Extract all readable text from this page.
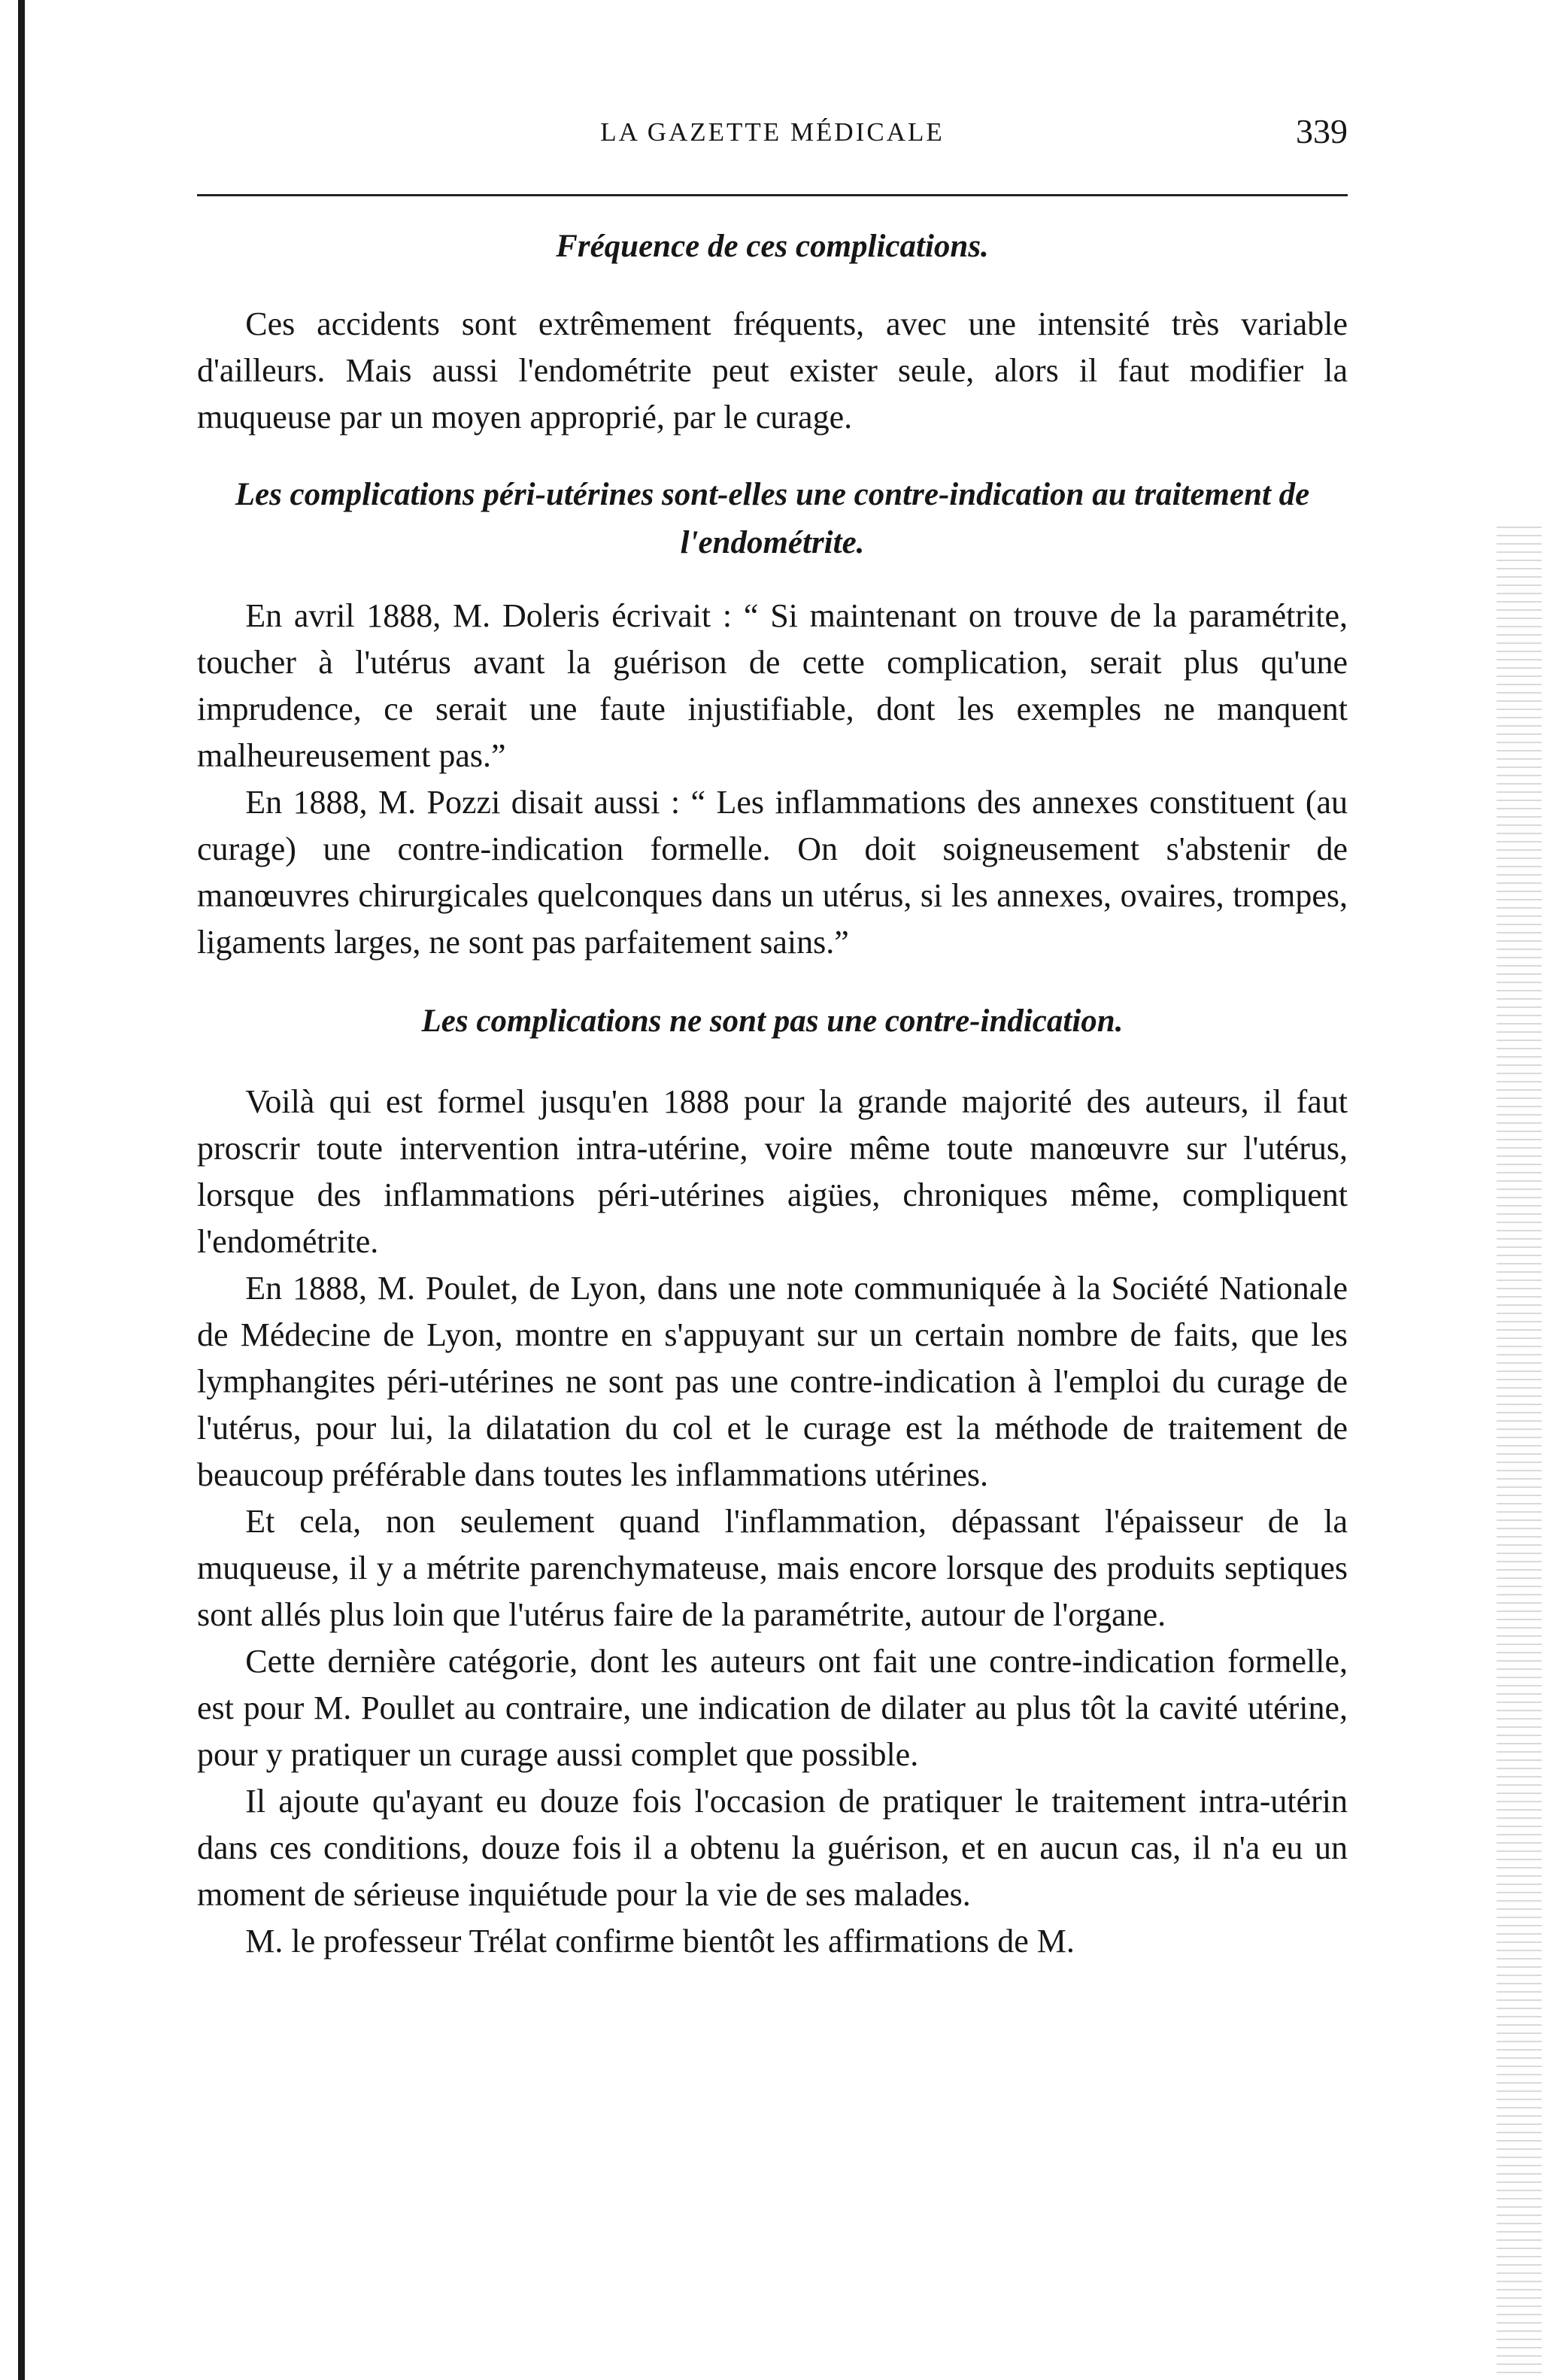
LA GAZETTE MÉDICALE	339
Fréquence de ces complications.

Ces accidents sont extrêmement fréquents, avec une intensité très variable d'ailleurs. Mais aussi l'endométrite peut exister seule, alors il faut modifier la muqueuse par un moyen approprié, par le curage.

Les complications péri-utérines sont-elles une contre-indication au traitement de l'endométrite.

En avril 1888, M. Doleris écrivait : “ Si maintenant on trouve de la paramétrite, toucher à l'utérus avant la guérison de cette complication, serait plus qu'une imprudence, ce serait une faute injustifiable, dont les exemples ne manquent malheureusement pas.”

En 1888, M. Pozzi disait aussi : “ Les inflammations des annexes constituent (au curage) une contre-indication formelle. On doit soigneusement s'abstenir de manœuvres chirurgicales quelconques dans un utérus, si les annexes, ovaires, trompes, ligaments larges, ne sont pas parfaitement sains.”

Les complications ne sont pas une contre-indication.

Voilà qui est formel jusqu'en 1888 pour la grande majorité des auteurs, il faut proscrir toute intervention intra-utérine, voire même toute manœuvre sur l'utérus, lorsque des inflammations péri-utérines aigües, chroniques même, compliquent l'endométrite.

En 1888, M. Poulet, de Lyon, dans une note communiquée à la Société Nationale de Médecine de Lyon, montre en s'appuyant sur un certain nombre de faits, que les lymphangites péri-utérines ne sont pas une contre-indication à l'emploi du curage de l'utérus, pour lui, la dilatation du col et le curage est la méthode de traitement de beaucoup préférable dans toutes les inflammations utérines.

Et cela, non seulement quand l'inflammation, dépassant l'épaisseur de la muqueuse, il y a métrite parenchymateuse, mais encore lorsque des produits septiques sont allés plus loin que l'utérus faire de la paramétrite, autour de l'organe.

Cette dernière catégorie, dont les auteurs ont fait une contre-indication formelle, est pour M. Poullet au contraire, une indication de dilater au plus tôt la cavité utérine, pour y pratiquer un curage aussi complet que possible.

Il ajoute qu'ayant eu douze fois l'occasion de pratiquer le traitement intra-utérin dans ces conditions, douze fois il a obtenu la guérison, et en aucun cas, il n'a eu un moment de sérieuse inquiétude pour la vie de ses malades.

M. le professeur Trélat confirme bientôt les affirmations de M.
